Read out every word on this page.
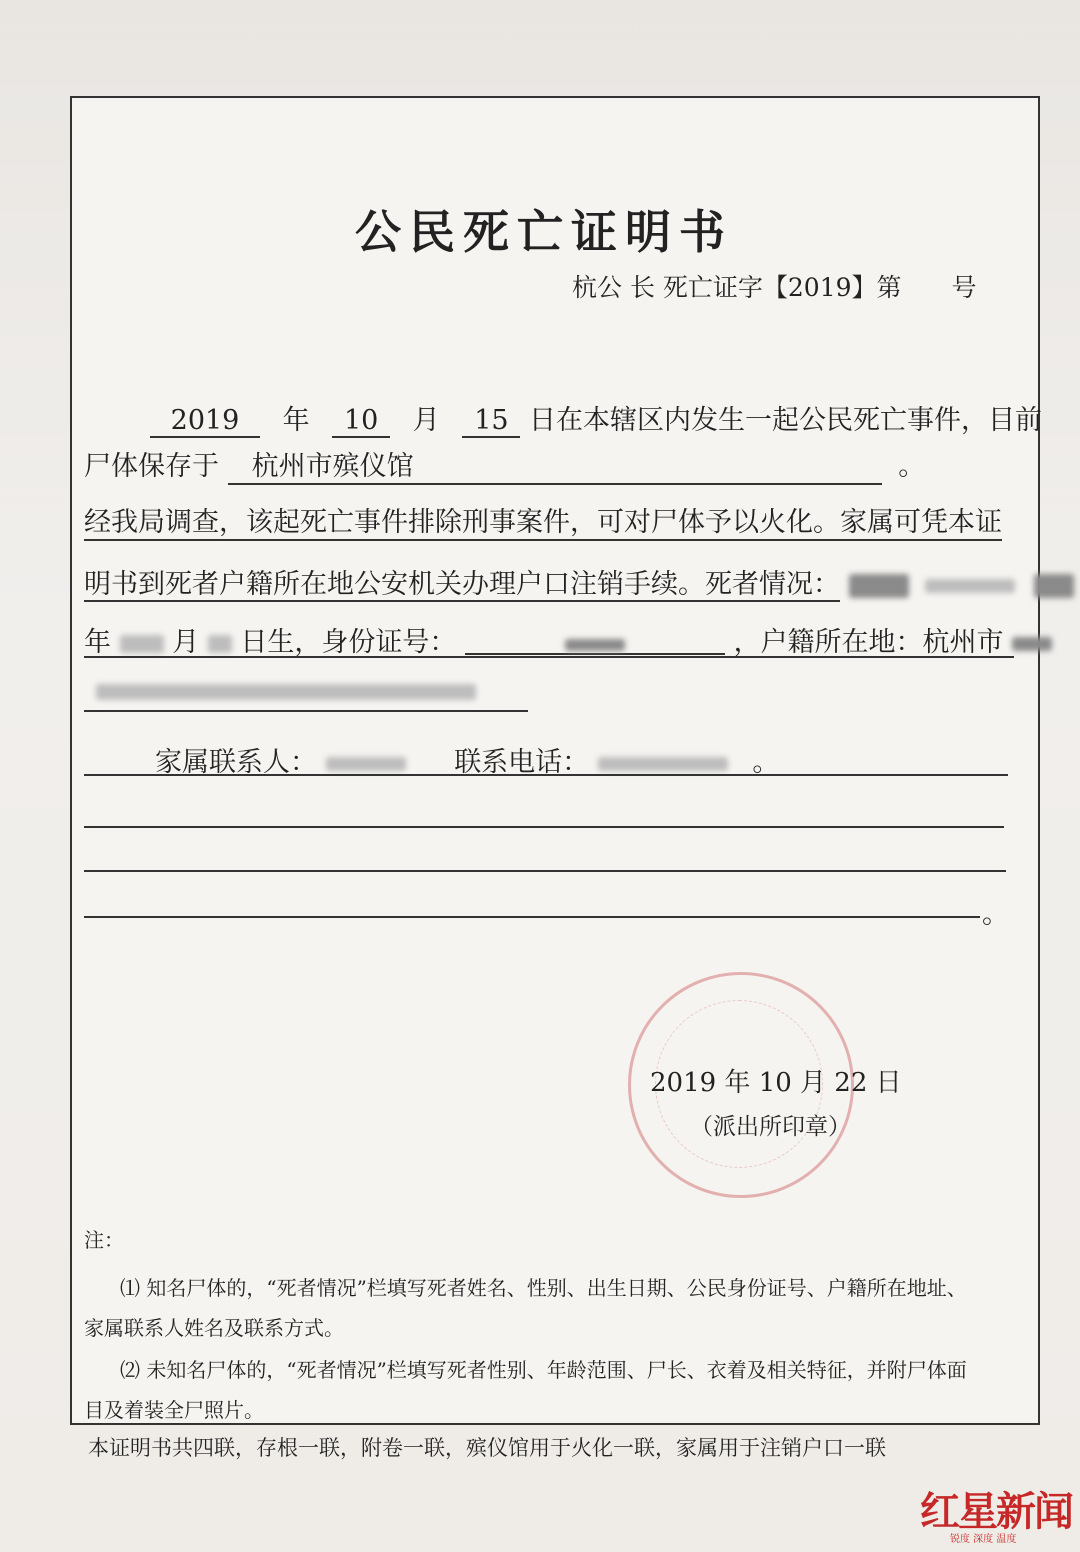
公民死亡证明书
杭公 长 死亡证字【2019】第　　号
2019 年 10 月 15 日在本辖区内发生一起公民死亡事件，目前
尸体保存于 杭州市殡仪馆	。
经我局调查，该起死亡事件排除刑事案件，可对尸体予以火化。家属可凭本证
明书到死者户籍所在地公安机关办理户口注销手续。死者情况：
年 月 日生，身份证号：	，户籍所在地：杭州市
家属联系人：	联系电话：	。
。
2019 年 10 月 22 日
（派出所印章）
注：
⑴ 知名尸体的，“死者情况”栏填写死者姓名、性别、出生日期、公民身份证号、户籍所在地址、
家属联系人姓名及联系方式。
⑵ 未知名尸体的，“死者情况”栏填写死者性别、年龄范围、尸长、衣着及相关特征，并附尸体面
目及着装全尸照片。
本证明书共四联，存根一联，附卷一联，殡仪馆用于火化一联，家属用于注销户口一联
红星新闻
锐度 深度 温度
